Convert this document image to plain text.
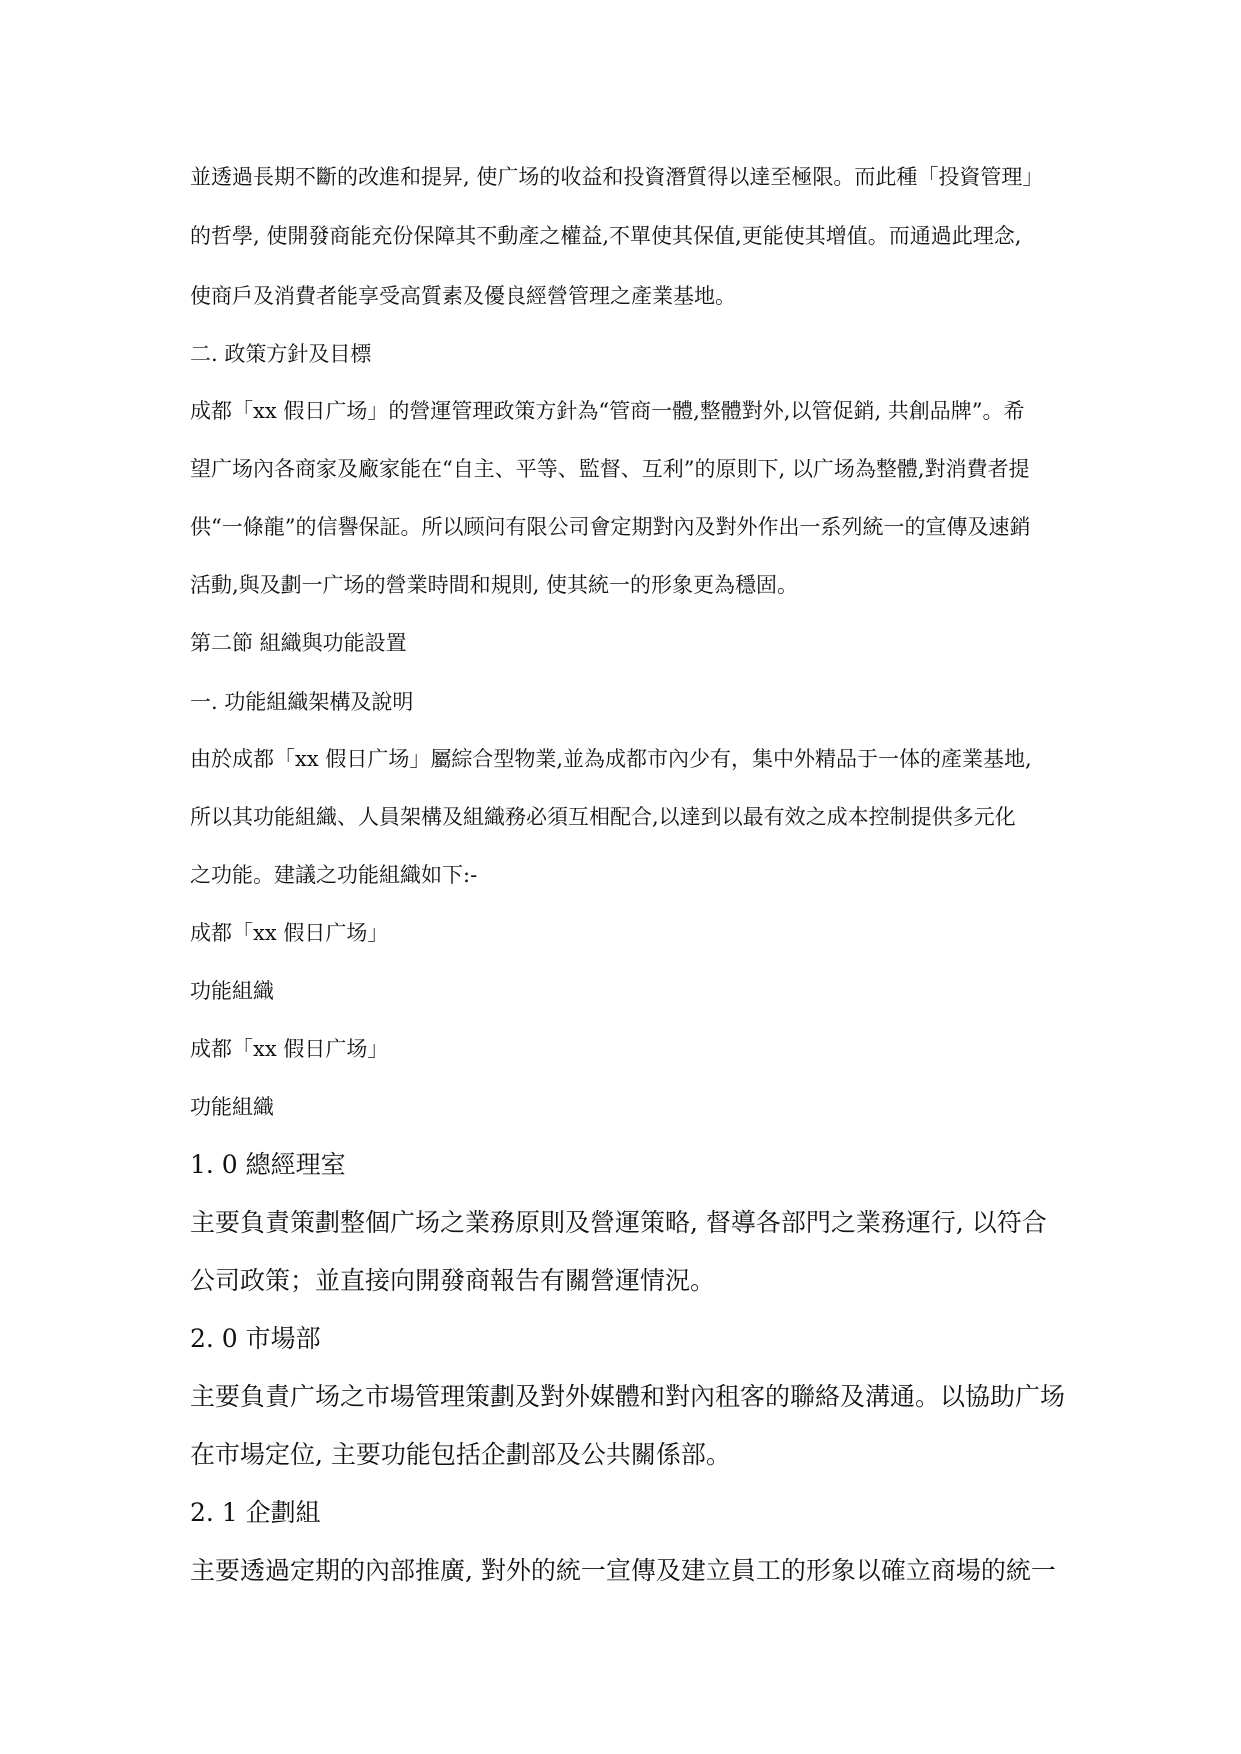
並透過長期不斷的改進和提昇, 使广场的收益和投資潛質得以達至極限。而此種「投資管理」
的哲學, 使開發商能充份保障其不動產之權益,不單使其保值,更能使其增值。而通過此理念,
使商戶及消費者能享受高質素及優良經營管理之產業基地。
二. 政策方針及目標
成都「xx 假日广场」的營運管理政策方針為“管商一體,整體對外,以管促銷, 共創品牌”。希
望广场內各商家及廠家能在“自主、平等、監督、互利”的原則下, 以广场為整體,對消費者提
供“一條龍”的信譽保証。所以顾问有限公司會定期對內及對外作出一系列統一的宣傳及速銷
活動,與及劃一广场的營業時間和規則, 使其統一的形象更為穩固。
第二節 組織與功能設置
一. 功能組織架構及說明
由於成都「xx 假日广场」屬綜合型物業,並為成都市內少有，集中外精品于一体的產業基地,
所以其功能組織、人員架構及組織務必須互相配合,以達到以最有效之成本控制提供多元化
之功能。建議之功能組織如下:-
成都「xx 假日广场」
功能組織
成都「xx 假日广场」
功能組織
1. 0 總經理室
主要負責策劃整個广场之業務原則及營運策略, 督導各部門之業務運行, 以符合
公司政策；並直接向開發商報告有關營運情況。
2. 0 市場部
主要負責广场之市場管理策劃及對外媒體和對內租客的聯絡及溝通。以協助广场
在市場定位, 主要功能包括企劃部及公共關係部。
2. 1 企劃組
主要透過定期的內部推廣, 對外的統一宣傳及建立員工的形象以確立商場的統一
